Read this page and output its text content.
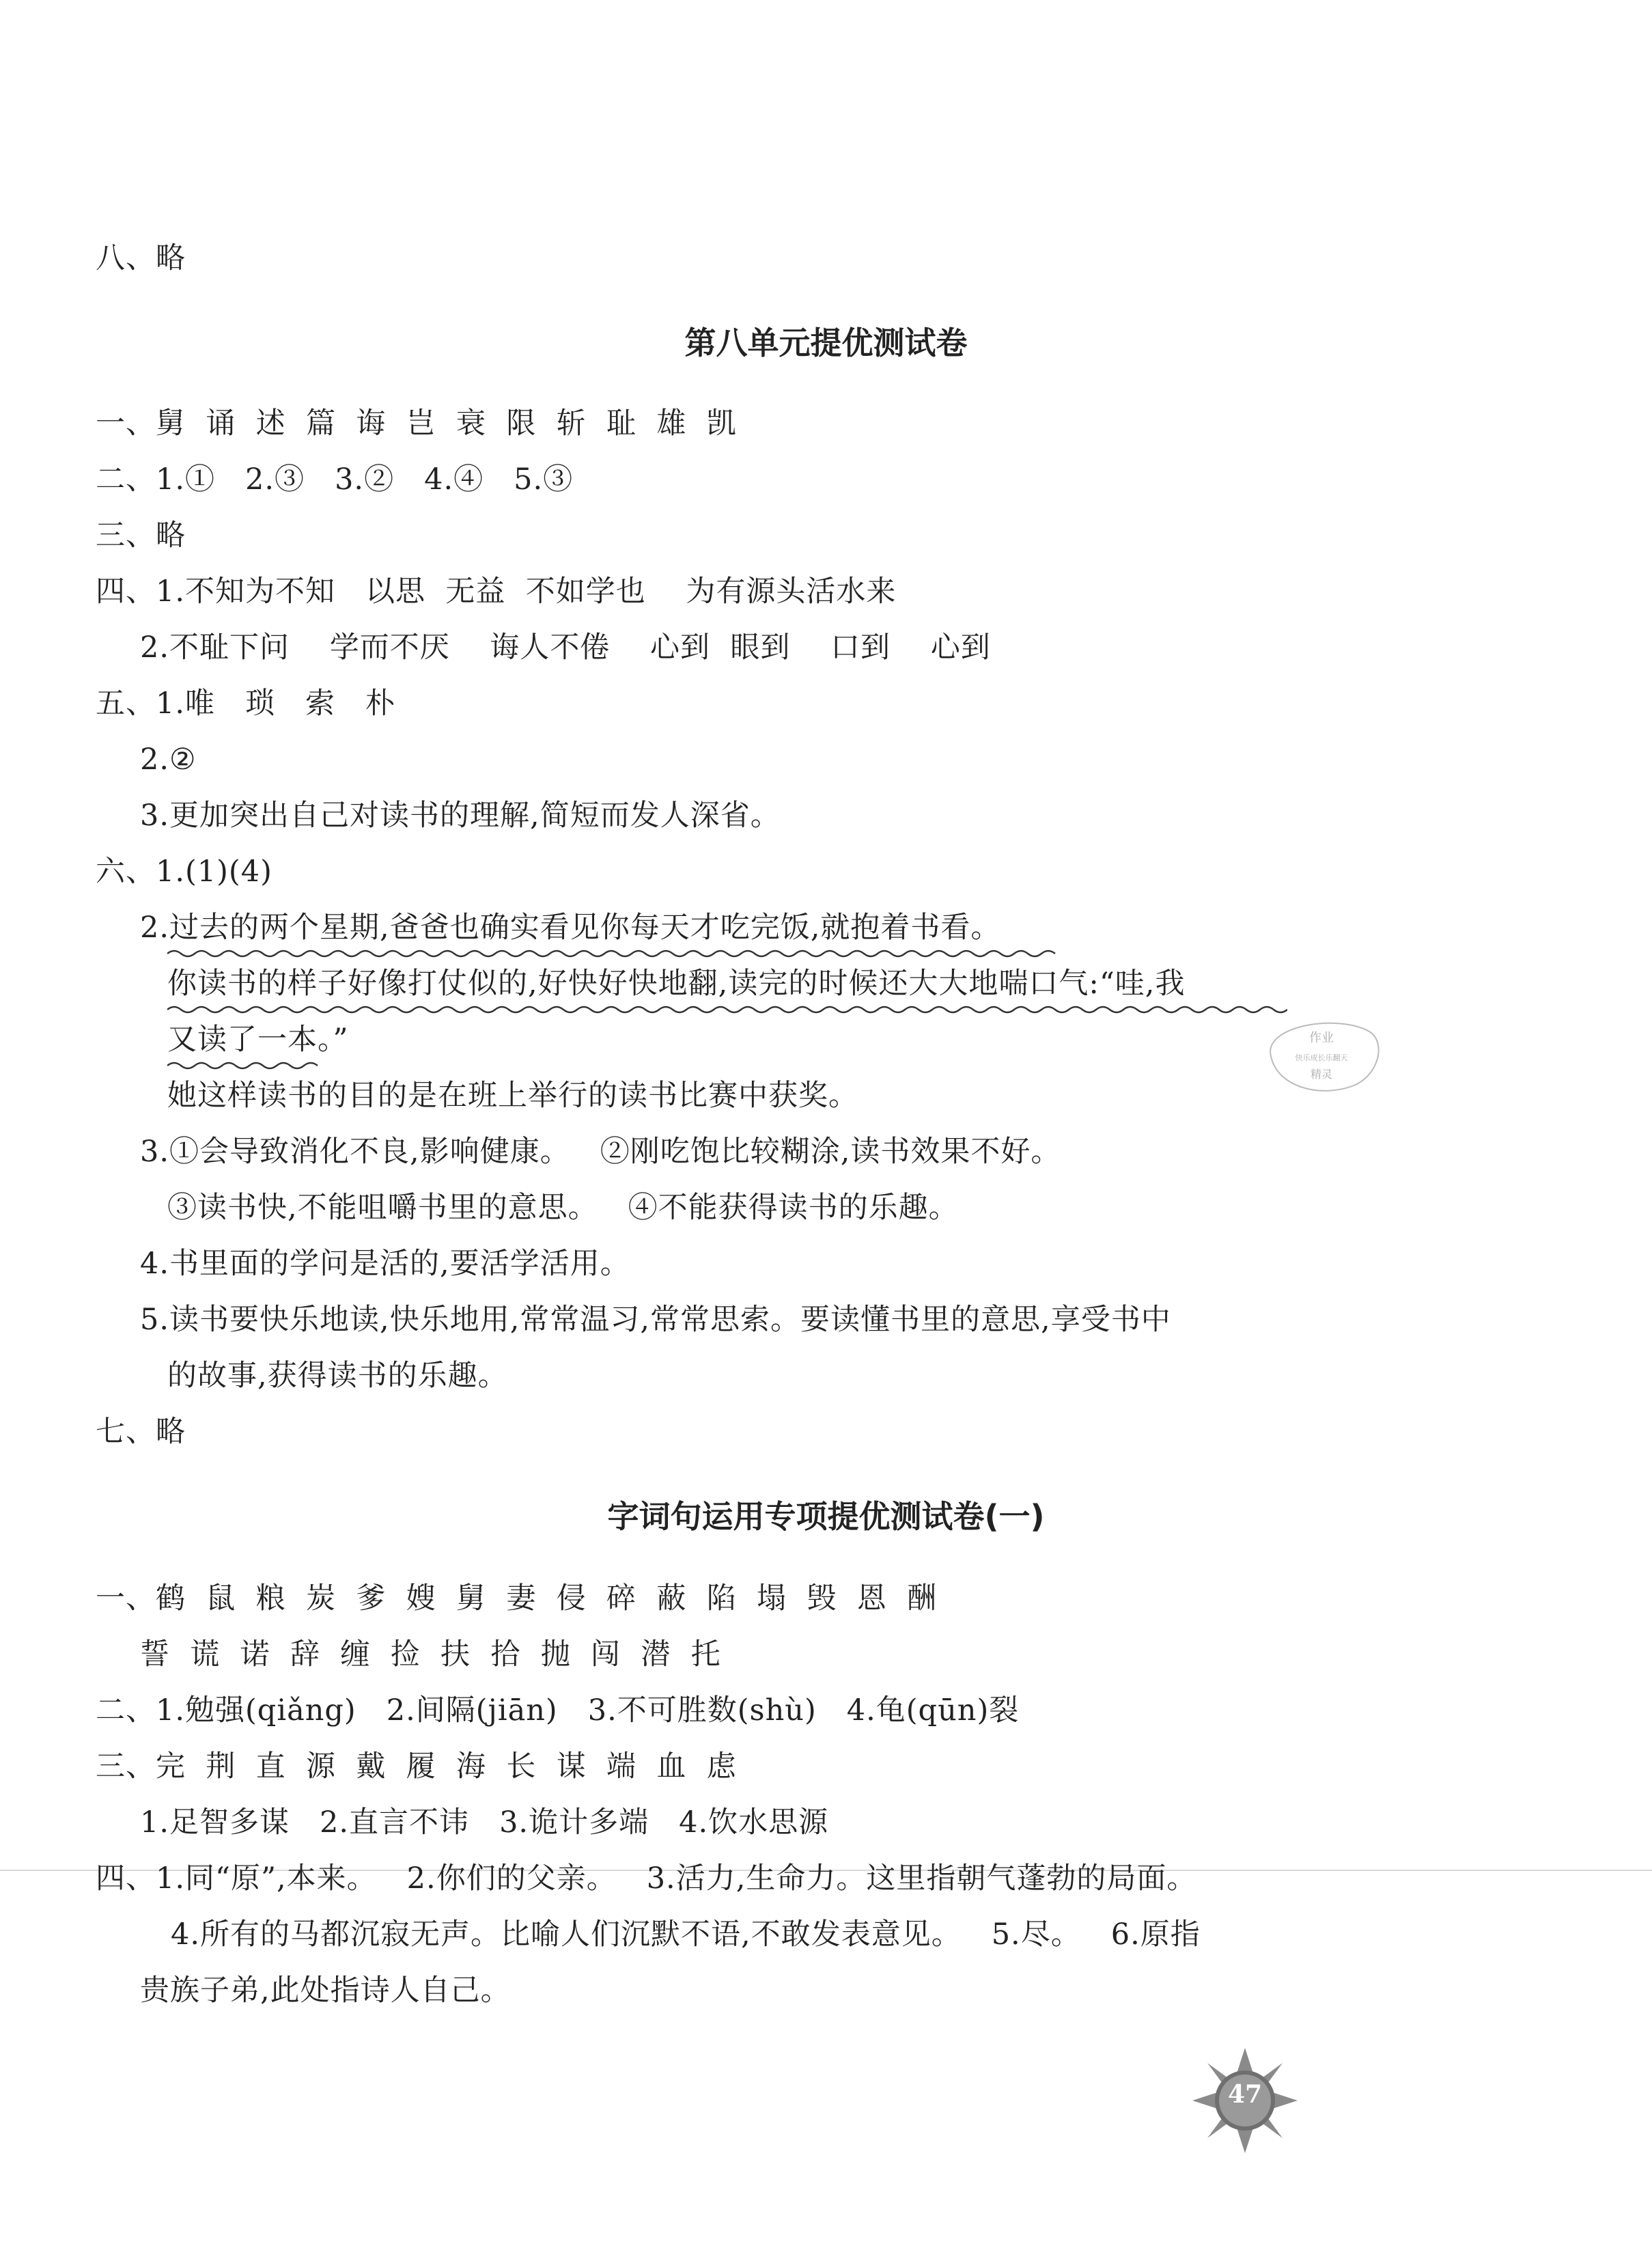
八、略
第八单元提优测试卷
一、舅  诵  述  篇  诲  岂  衰  限  斩  耻  雄  凯
二、1.①   2.③   3.②   4.④   5.③
三、略
四、1.不知为不知   以思  无益  不如学也    为有源头活水来
2.不耻下问    学而不厌    诲人不倦    心到  眼到    口到    心到
五、1.唯   琐   索   朴
2.②
3.更加突出自己对读书的理解,简短而发人深省。
六、1.(1)(4)
2.过去的两个星期,爸爸也确实看见你每天才吃完饭,就抱着书看。
你读书的样子好像打仗似的,好快好快地翻,读完的时候还大大地喘口气:“哇,我
又读了一本。”
她这样读书的目的是在班上举行的读书比赛中获奖。
3.①会导致消化不良,影响健康。   ②刚吃饱比较糊涂,读书效果不好。
③读书快,不能咀嚼书里的意思。   ④不能获得读书的乐趣。
4.书里面的学问是活的,要活学活用。
5.读书要快乐地读,快乐地用,常常温习,常常思索。要读懂书里的意思,享受书中
的故事,获得读书的乐趣。
七、略
字词句运用专项提优测试卷(一)
一、鹤  鼠  粮  炭  爹  嫂  舅  妻  侵  碎  蔽  陷  塌  毁  恩  酬
誓  谎  诺  辞  缠  捡  扶  拾  抛  闯  潜  托
二、1.勉强(qiǎng)   2.间隔(jiān)   3.不可胜数(shù)   4.龟(qūn)裂
三、完  荆  直  源  戴  履  海  长  谋  端  血  虑
1.足智多谋   2.直言不讳   3.诡计多端   4.饮水思源
四、1.同“原”,本来。   2.你们的父亲。   3.活力,生命力。这里指朝气蓬勃的局面。
4.所有的马都沉寂无声。比喻人们沉默不语,不敢发表意见。   5.尽。   6.原指
贵族子弟,此处指诗人自己。
作业
快乐成长乐翻天
精灵
47
